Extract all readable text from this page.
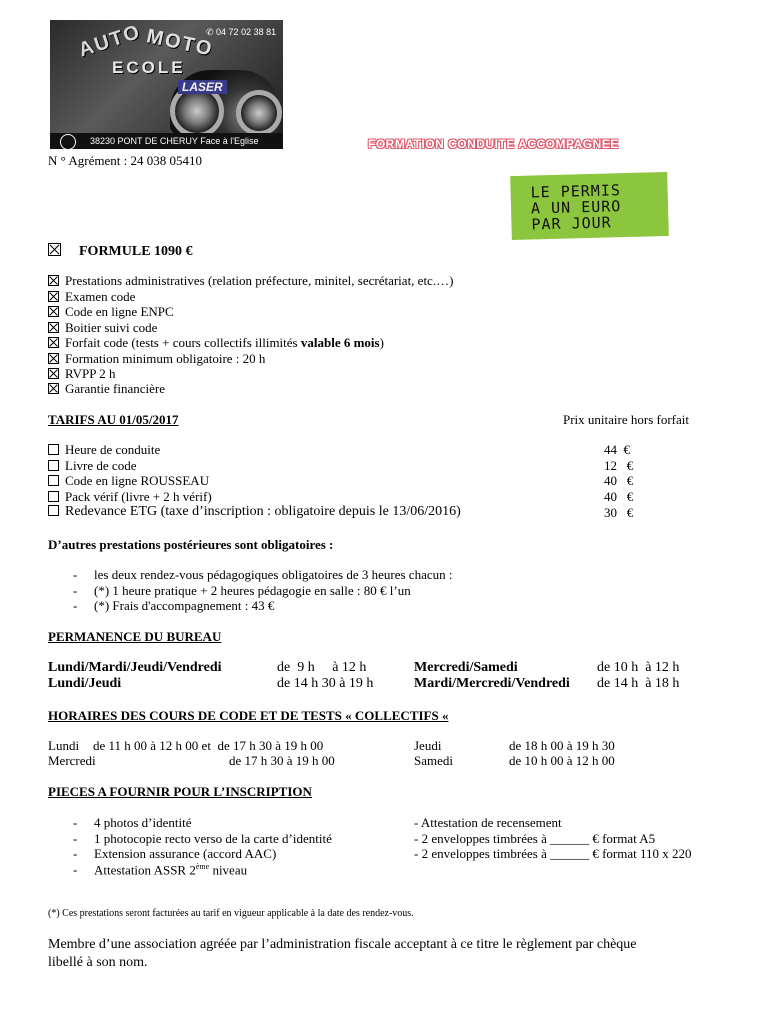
AUTO MOTO
ECOLE
LASER
✆ 04 72 02 38 81
38230 PONT DE CHERUY Face à l'Eglise	FORMATION CONDUITE ACCOMPAGNEE
N ° Agrément : 24 038 05410
LE PERMIS
A UN EURO
PAR JOUR
FORMULE 1090 €
Prestations administratives (relation préfecture, minitel, secrétariat, etc.…)
Examen code
Code en ligne ENPC
Boitier suivi code
Forfait code (tests + cours collectifs illimités valable 6 mois)
Formation minimum obligatoire : 20 h
RVPP 2 h
Garantie financière
TARIFS AU 01/05/2017	Prix unitaire hors forfait
Heure de conduite	44  €
Livre de code	12   €
Code en ligne ROUSSEAU	40   €
Pack vérif (livre + 2 h vérif)	40   €
Redevance ETG (taxe d’inscription : obligatoire depuis le 13/06/2016)	30   €
D’autres prestations postérieures sont obligatoires :
- les deux rendez-vous pédagogiques obligatoires de 3 heures chacun :
- (*) 1 heure pratique + 2 heures pédagogie en salle : 80 € l’un
- (*) Frais d'accompagnement : 43 €
PERMANENCE DU BUREAU
Lundi/Mardi/Jeudi/Vendredi	de  9 h     à 12 h	Mercredi/Samedi	de 10 h  à 12 h
Lundi/Jeudi	de 14 h 30 à 19 h	Mardi/Mercredi/Vendredi de 14 h  à 18 h
HORAIRES DES COURS DE CODE ET DE TESTS « COLLECTIFS «
Lundi de 11 h 00 à 12 h 00 et  de 17 h 30 à 19 h 00
Mercredi	de 17 h 30 à 19 h 00
Jeudi	de 18 h 00 à 19 h 30
Samedi	de 10 h 00 à 12 h 00
PIECES A FOURNIR POUR L’INSCRIPTION
- 4 photos d’identité
- 1 photocopie recto verso de la carte d’identité
- Extension assurance (accord AAC)
- Attestation ASSR 2ème niveau
- Attestation de recensement
- 2 enveloppes timbrées à ______ € format A5
- 2 enveloppes timbrées à ______ € format 110 x 220
(*) Ces prestations seront facturées au tarif en vigueur applicable à la date des rendez-vous.
Membre d’une association agréée par l’administration fiscale acceptant à ce titre le règlement par chèque
libellé à son nom.
